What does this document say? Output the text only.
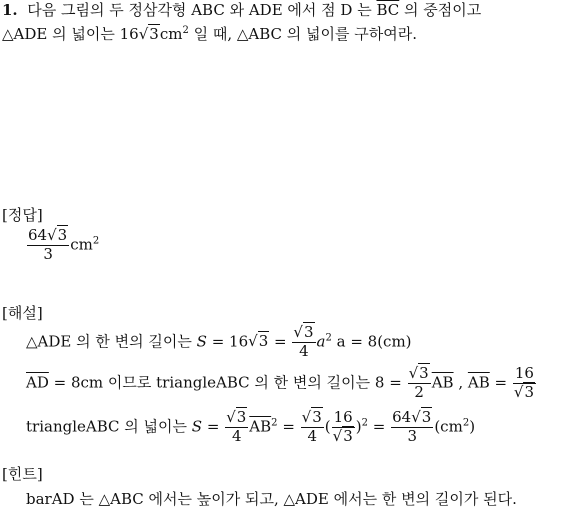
1. 다음 그림의 두 정삼각형 ABC 와 ADE 에서 점 D 는 $\overline{BC}$ 의 중점이고
△ADE 의 넓이는 $16√3cm^2$ 일 때, △ABC 의 넓이를 구하여라.
[정답]
$\frac{64√3}{3} cm^2$
[해설]
△ADE 의 한 변의 길이는 $S = 16√3 = \frac{√3}{4} a^2$ a = 8(cm)
$\overline{AD} = 8cm$ 이므로 triangleABC 의 한 변의 길이는 $8 = \frac{√3}{2} \overline{AB}$ , $\overline{AB} = \frac{16}{√3}$
triangleABC 의 넓이는 $S = \frac{√3}{4} \overline{AB}^2 = \frac{√3}{4}$ ( $\frac{16}{√3} )^2 = \frac{64√3}{3} (cm^2)$
[힌트]
barAD 는 △ABC 에서는 높이가 되고, △ADE 에서는 한 변의 길이가 된다.
